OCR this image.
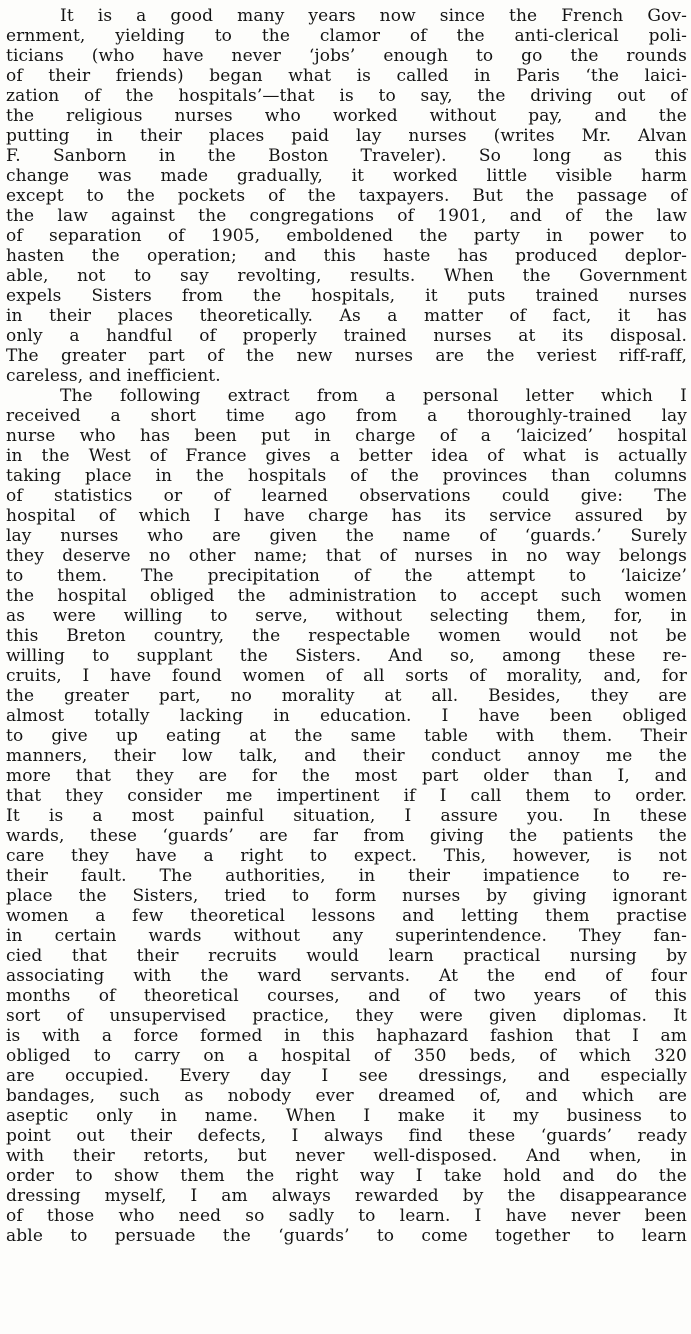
It is a good many years now since the French Gov-
ernment, yielding to the clamor of the anti-clerical poli-
ticians (who have never ‘jobs’ enough to go the rounds
of their friends) began what is called in Paris ‘the laici-
zation of the hospitals’—that is to say, the driving out of
the religious nurses who worked without pay, and the
putting in their places paid lay nurses (writes Mr. Alvan
F. Sanborn in the Boston Traveler). So long as this
change was made gradually, it worked little visible harm
except to the pockets of the taxpayers. But the passage of
the law against the congregations of 1901, and of the law
of separation of 1905, emboldened the party in power to
hasten the operation; and this haste has produced deplor-
able, not to say revolting, results. When the Government
expels Sisters from the hospitals, it puts trained nurses
in their places theoretically. As a matter of fact, it has
only a handful of properly trained nurses at its disposal.
The greater part of the new nurses are the veriest riff-raff,
careless, and inefficient.
The following extract from a personal letter which I
received a short time ago from a thoroughly-trained lay
nurse who has been put in charge of a ‘laicized’ hospital
in the West of France gives a better idea of what is actually
taking place in the hospitals of the provinces than columns
of statistics or of learned observations could give: The
hospital of which I have charge has its service assured by
lay nurses who are given the name of ‘guards.’ Surely
they deserve no other name; that of nurses in no way belongs
to them. The precipitation of the attempt to ‘laicize’
the hospital obliged the administration to accept such women
as were willing to serve, without selecting them, for, in
this Breton country, the respectable women would not be
willing to supplant the Sisters. And so, among these re-
cruits, I have found women of all sorts of morality, and, for
the greater part, no morality at all. Besides, they are
almost totally lacking in education. I have been obliged
to give up eating at the same table with them. Their
manners, their low talk, and their conduct annoy me the
more that they are for the most part older than I, and
that they consider me impertinent if I call them to order.
It is a most painful situation, I assure you. In these
wards, these ‘guards’ are far from giving the patients the
care they have a right to expect. This, however, is not
their fault. The authorities, in their impatience to re-
place the Sisters, tried to form nurses by giving ignorant
women a few theoretical lessons and letting them practise
in certain wards without any superintendence. They fan-
cied that their recruits would learn practical nursing by
associating with the ward servants. At the end of four
months of theoretical courses, and of two years of this
sort of unsupervised practice, they were given diplomas. It
is with a force formed in this haphazard fashion that I am
obliged to carry on a hospital of 350 beds, of which 320
are occupied. Every day I see dressings, and especially
bandages, such as nobody ever dreamed of, and which are
aseptic only in name. When I make it my business to
point out their defects, I always find these ‘guards’ ready
with their retorts, but never well-disposed. And when, in
order to show them the right way I take hold and do the
dressing myself, I am always rewarded by the disappearance
of those who need so sadly to learn. I have never been
able to persuade the ‘guards’ to come together to learn
